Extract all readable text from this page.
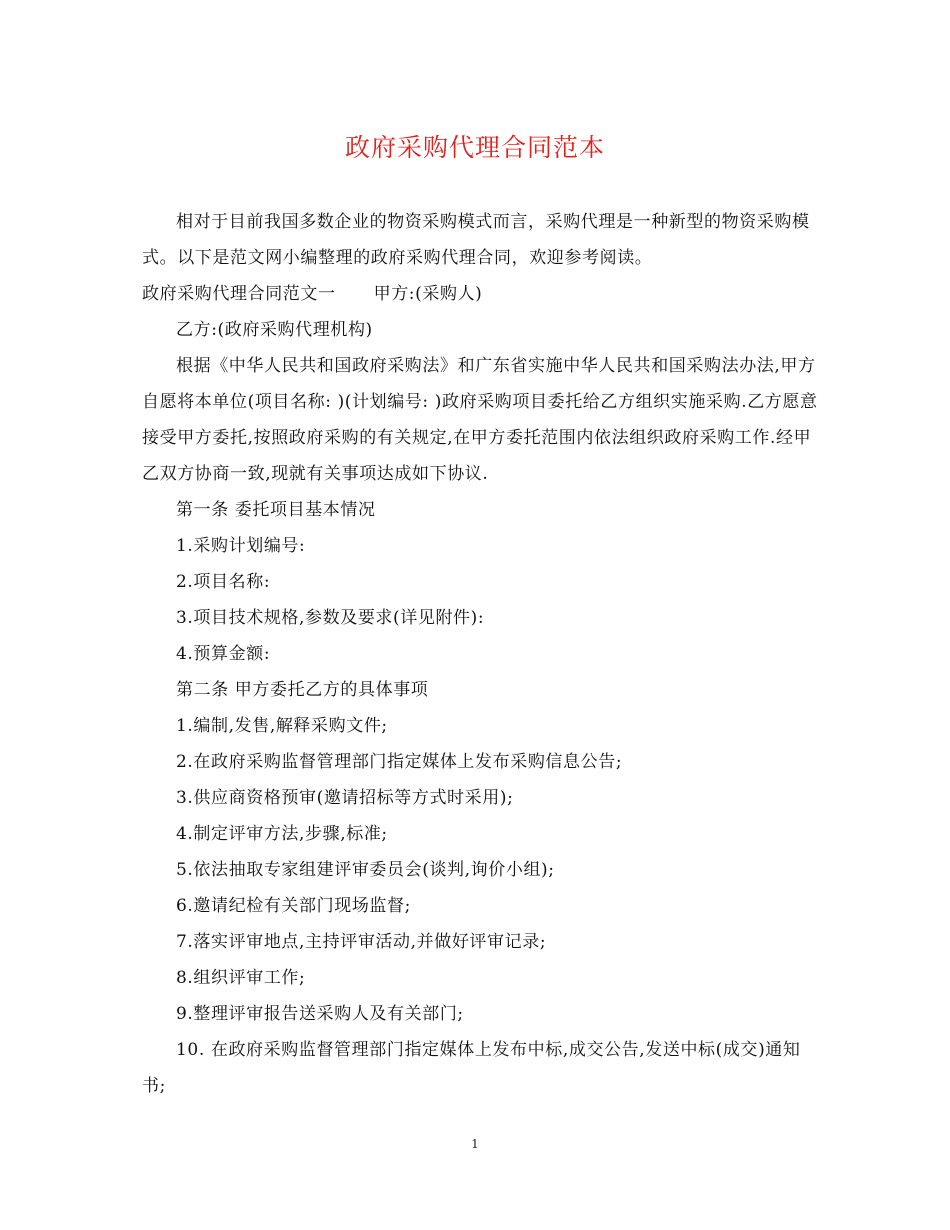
政府采购代理合同范本

相对于目前我国多数企业的物资采购模式而言，采购代理是一种新型的物资采购模式。以下是范文网小编整理的政府采购代理合同，欢迎参考阅读。

政府采购代理合同范文一 甲方:(采购人)

乙方:(政府采购代理机构)

根据《中华人民共和国政府采购法》和广东省实施中华人民共和国采购法办法,甲方自愿将本单位(项目名称: )(计划编号: )政府采购项目委托给乙方组织实施采购.乙方愿意接受甲方委托,按照政府采购的有关规定,在甲方委托范围内依法组织政府采购工作.经甲乙双方协商一致,现就有关事项达成如下协议.

第一条 委托项目基本情况

1.采购计划编号:

2.项目名称:

3.项目技术规格,参数及要求(详见附件):

4.预算金额:

第二条 甲方委托乙方的具体事项

1.编制,发售,解释采购文件;

2.在政府采购监督管理部门指定媒体上发布采购信息公告;

3.供应商资格预审(邀请招标等方式时采用);

4.制定评审方法,步骤,标准;

5.依法抽取专家组建评审委员会(谈判,询价小组);

6.邀请纪检有关部门现场监督;

7.落实评审地点,主持评审活动,并做好评审记录;

8.组织评审工作;

9.整理评审报告送采购人及有关部门;

10. 在政府采购监督管理部门指定媒体上发布中标,成交公告,发送中标(成交)通知书;

1
